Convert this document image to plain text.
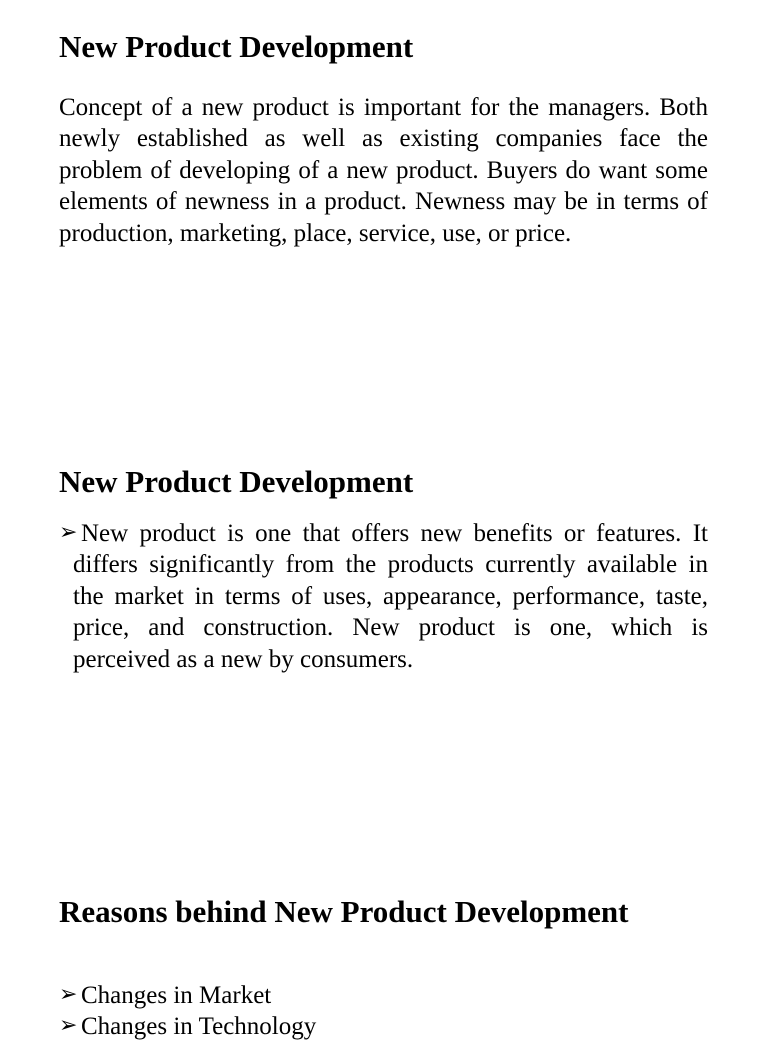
New Product Development

Concept of a new product is important for the managers. Both newly established as well as existing companies face the problem of developing of a new product. Buyers do want some elements of newness in a product. Newness may be in terms of production, marketing, place, service, use, or price.

New Product Development

➢ New product is one that offers new benefits or features. It differs significantly from the products currently available in the market in terms of uses, appearance, performance, taste, price, and construction. New product is one, which is perceived as a new by consumers.

Reasons behind New Product Development
➢ Changes in Market
➢ Changes in Technology
